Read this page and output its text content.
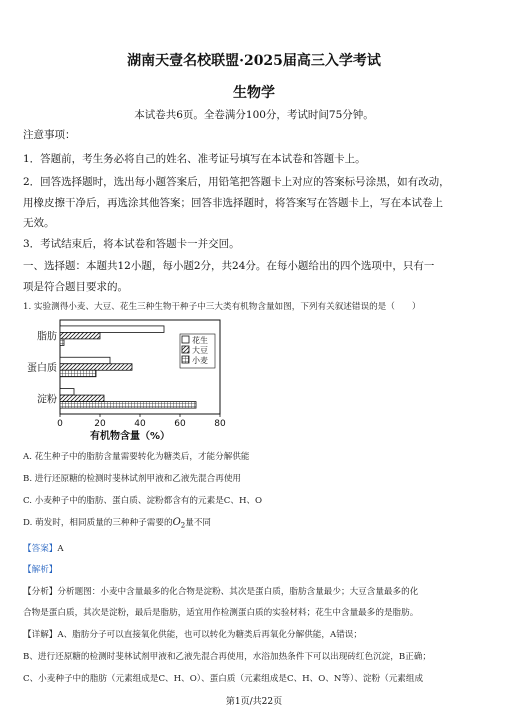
湖南天壹名校联盟·2025届高三入学考试
生物学
本试卷共6页。全卷满分100分，考试时间75分钟。
注意事项：
1．答题前，考生务必将自己的姓名、准考证号填写在本试卷和答题卡上。
2．回答选择题时，选出每小题答案后，用铅笔把答题卡上对应的答案标号涂黑，如有改动，
用橡皮擦干净后，再选涂其他答案；回答非选择题时，将答案写在答题卡上，写在本试卷上
无效。
3．考试结束后，将本试卷和答题卡一并交回。
一、选择题：本题共12小题，每小题2分，共24分。在每小题给出的四个选项中，只有一
项是符合题目要求的。
1. 实验测得小麦、大豆、花生三种生物干种子中三大类有机物含量如图，下列有关叙述错误的是（　　）
脂肪
蛋白质
淀粉
0	20	40	60	80
有机物含量（%）
花生
大豆
小麦
A. 花生种子中的脂肪含量需要转化为糖类后，才能分解供能
B. 进行还原糖的检测时斐林试剂甲液和乙液先混合再使用
C. 小麦种子中的脂肪、蛋白质、淀粉都含有的元素是C、H、O
D. 萌发时，相同质量的三种种子需要的$O_2$量不同
【答案】A
【解析】
【分析】分析题图：小麦中含量最多的化合物是淀粉、其次是蛋白质，脂肪含量最少；大豆含量最多的化
合物是蛋白质，其次是淀粉，最后是脂肪，适宜用作检测蛋白质的实验材料；花生中含量最多的是脂肪。
【详解】A、脂肪分子可以直接氧化供能，也可以转化为糖类后再氧化分解供能，A错误；
B、进行还原糖的检测时斐林试剂甲液和乙液先混合再使用，水浴加热条件下可以出现砖红色沉淀，B正确；
C、小麦种子中的脂肪（元素组成是C、H、O）、蛋白质（元素组成是C、H、O、N等）、淀粉（元素组成
第1页/共22页
